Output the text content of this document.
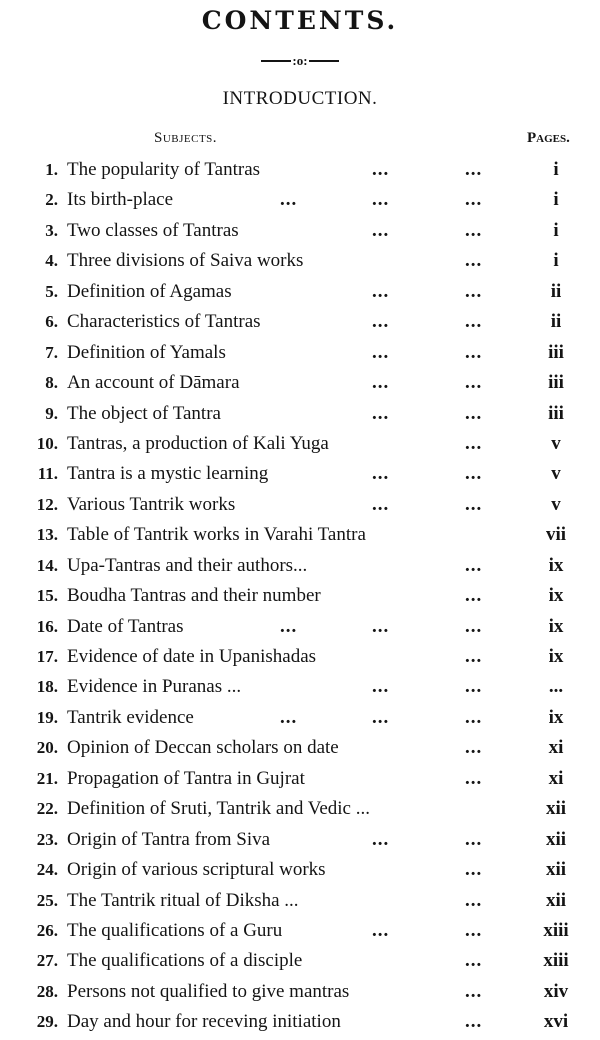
CONTENTS.
:o:
INTRODUCTION.
Subjects.	Pages.
1. The popularity of Tantras	...	...	i
2. Its birth-place	...	...	...	i
3. Two classes of Tantras	...	...	i
4. Three divisions of Saiva works	...	i
5. Definition of Agamas	...	...	ii
6. Characteristics of Tantras	...	...	ii
7. Definition of Yamals	...	...	iii
8. An account of Dāmara	...	...	iii
9. The object of Tantra	...	...	iii
10. Tantras, a production of Kali Yuga	...	v
11. Tantra is a mystic learning	...	...	v
12. Various Tantrik works	...	...	v
13. Table of Tantrik works in Varahi Tantra	vii
14. Upa-Tantras and their authors...	...	ix
15. Boudha Tantras and their number	...	ix
16. Date of Tantras	...	...	...	ix
17. Evidence of date in Upanishadas	...	ix
18. Evidence in Puranas ...	...	...	...
19. Tantrik evidence	...	...	...	ix
20. Opinion of Deccan scholars on date	...	xi
21. Propagation of Tantra in Gujrat	...	xi
22. Definition of Sruti, Tantrik and Vedic ...	xii
23. Origin of Tantra from Siva	...	...	xii
24. Origin of various scriptural works	...	xii
25. The Tantrik ritual of Diksha ...	...	xii
26. The qualifications of a Guru	...	...	xiii
27. The qualifications of a disciple	...	xiii
28. Persons not qualified to give mantras	...	xiv
29. Day and hour for receving initiation	...	xvi
